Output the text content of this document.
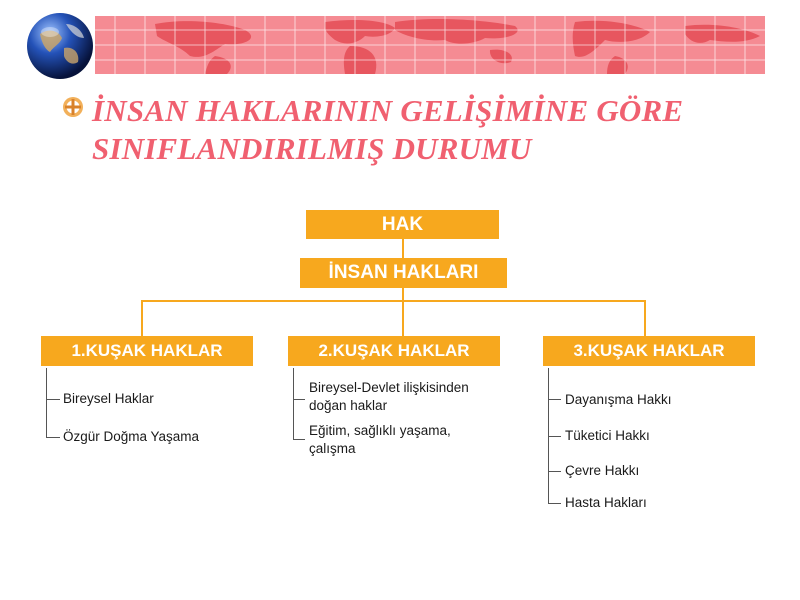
İNSAN HAKLARININ GELİŞİMİNE GÖRE
SINIFLANDIRILMIŞ DURUMU
HAK
İNSAN HAKLARI
1.KUŞAK HAKLAR	2.KUŞAK HAKLAR	3.KUŞAK HAKLAR
Bireysel Haklar
Özgür Doğma Yaşama
Bireysel-Devlet ilişkisinden
doğan haklar
Eğitim, sağlıklı yaşama,
çalışma
Dayanışma Hakkı
Tüketici Hakkı
Çevre Hakkı
Hasta Hakları
